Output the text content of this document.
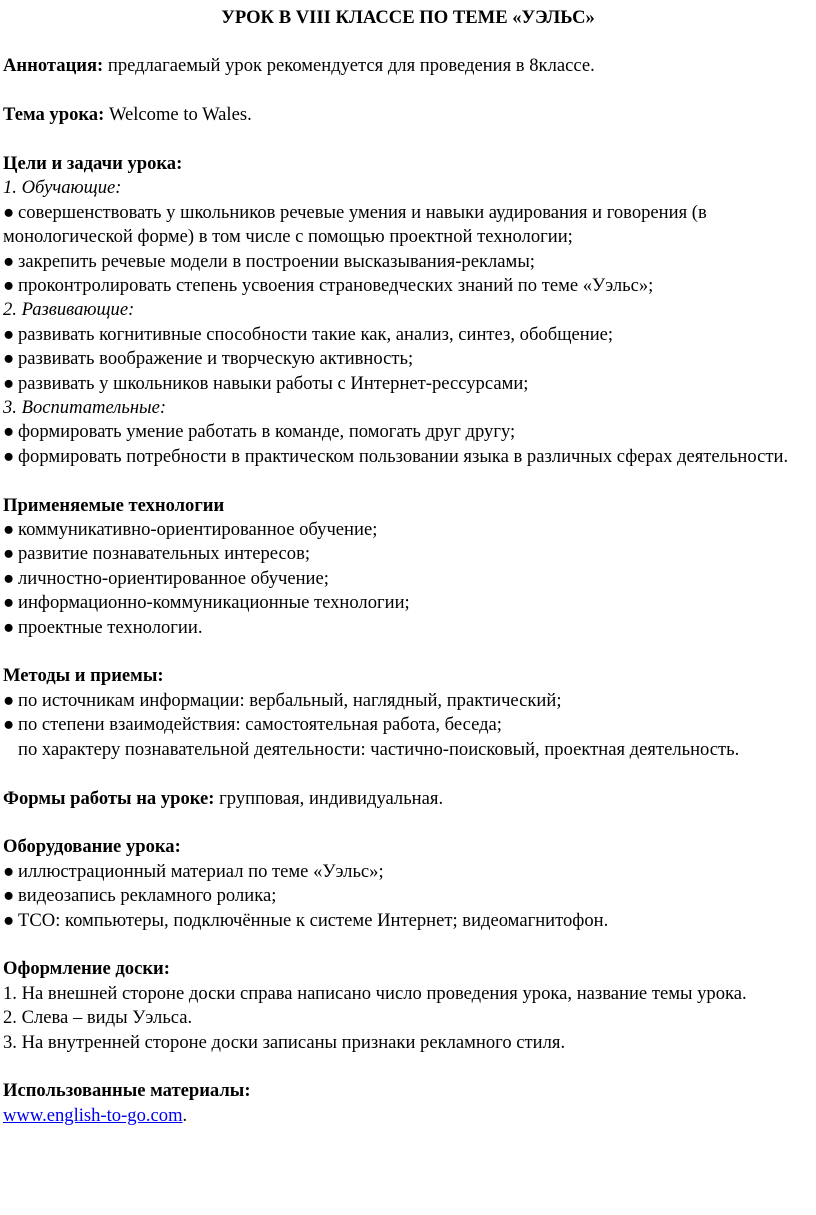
УРОК В VIII КЛАССЕ ПО ТЕМЕ «УЭЛЬС»

Аннотация: предлагаемый урок рекомендуется для проведения в 8классе.

Тема урока: Welcome to Wales.

Цели и задачи урока:

1. Обучающие:

● совершенствовать у школьников речевые умения и навыки аудирования и говорения (в монологической форме) в том числе с помощью проектной технологии;

● закрепить речевые модели в построении высказывания-рекламы;

● проконтролировать степень усвоения страноведческих знаний по теме «Уэльс»;

2. Развивающие:

● развивать когнитивные способности такие как, анализ, синтез, обобщение;

● развивать воображение и творческую активность;

● развивать у школьников навыки работы с Интернет-рессурсами;

3. Воспитательные:

● формировать умение работать в команде, помогать друг другу;

● формировать потребности в практическом пользовании языка в различных сферах деятельности.

Применяемые технологии

● коммуникативно-ориентированное обучение;

● развитие познавательных интересов;

● личностно-ориентированное обучение;

● информационно-коммуникационные технологии;

● проектные технологии.

Методы и приемы:

● по источникам информации: вербальный, наглядный, практический;

● по степени взаимодействия: самостоятельная работа, беседа;

по характеру познавательной деятельности: частично-поисковый, проектная деятельность.

Формы работы на уроке: групповая, индивидуальная.

Оборудование урока:

● иллюстрационный материал по теме «Уэльс»;

● видеозапись рекламного ролика;

● ТСО: компьютеры, подключённые к системе Интернет; видеомагнитофон.

Оформление доски:

1. На внешней стороне доски справа написано число проведения урока, название темы урока.

2. Слева – виды Уэльса.

3. На внутренней стороне доски записаны признаки рекламного стиля.

Использованные материалы:

www.english-to-go.com.
